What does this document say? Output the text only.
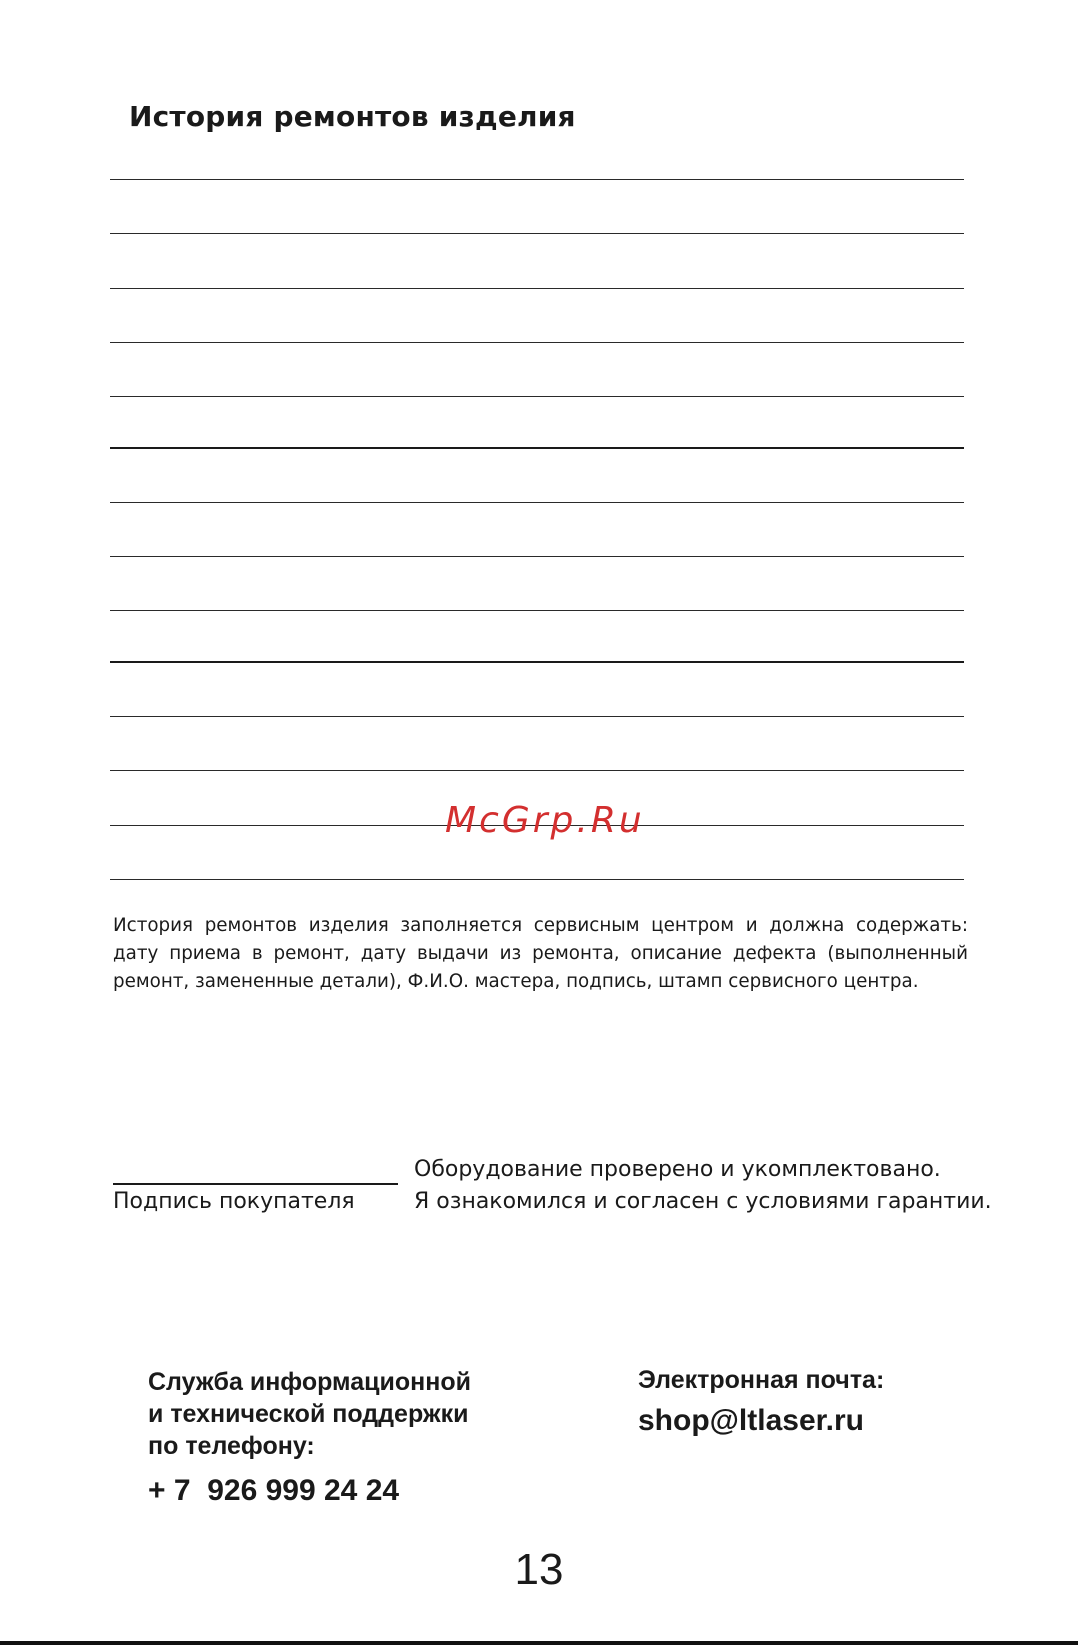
История ремонтов изделия
McGrp.Ru
История ремонтов изделия заполняется сервисным центром и должна содержать: дату приема в ремонт, дату выдачи из ремонта, описание дефекта (выполненный ремонт, замененные детали), Ф.И.О. мастера, подпись, штамп сервисного центра.
Подпись покупателя
Оборудование проверено и укомплектовано.
Я ознакомился и согласен с условиями гарантии.
Служба информационной
и технической поддержки
по телефону:
+ 7  926 999 24 24
Электронная почта:
shop@ltlaser.ru
13
